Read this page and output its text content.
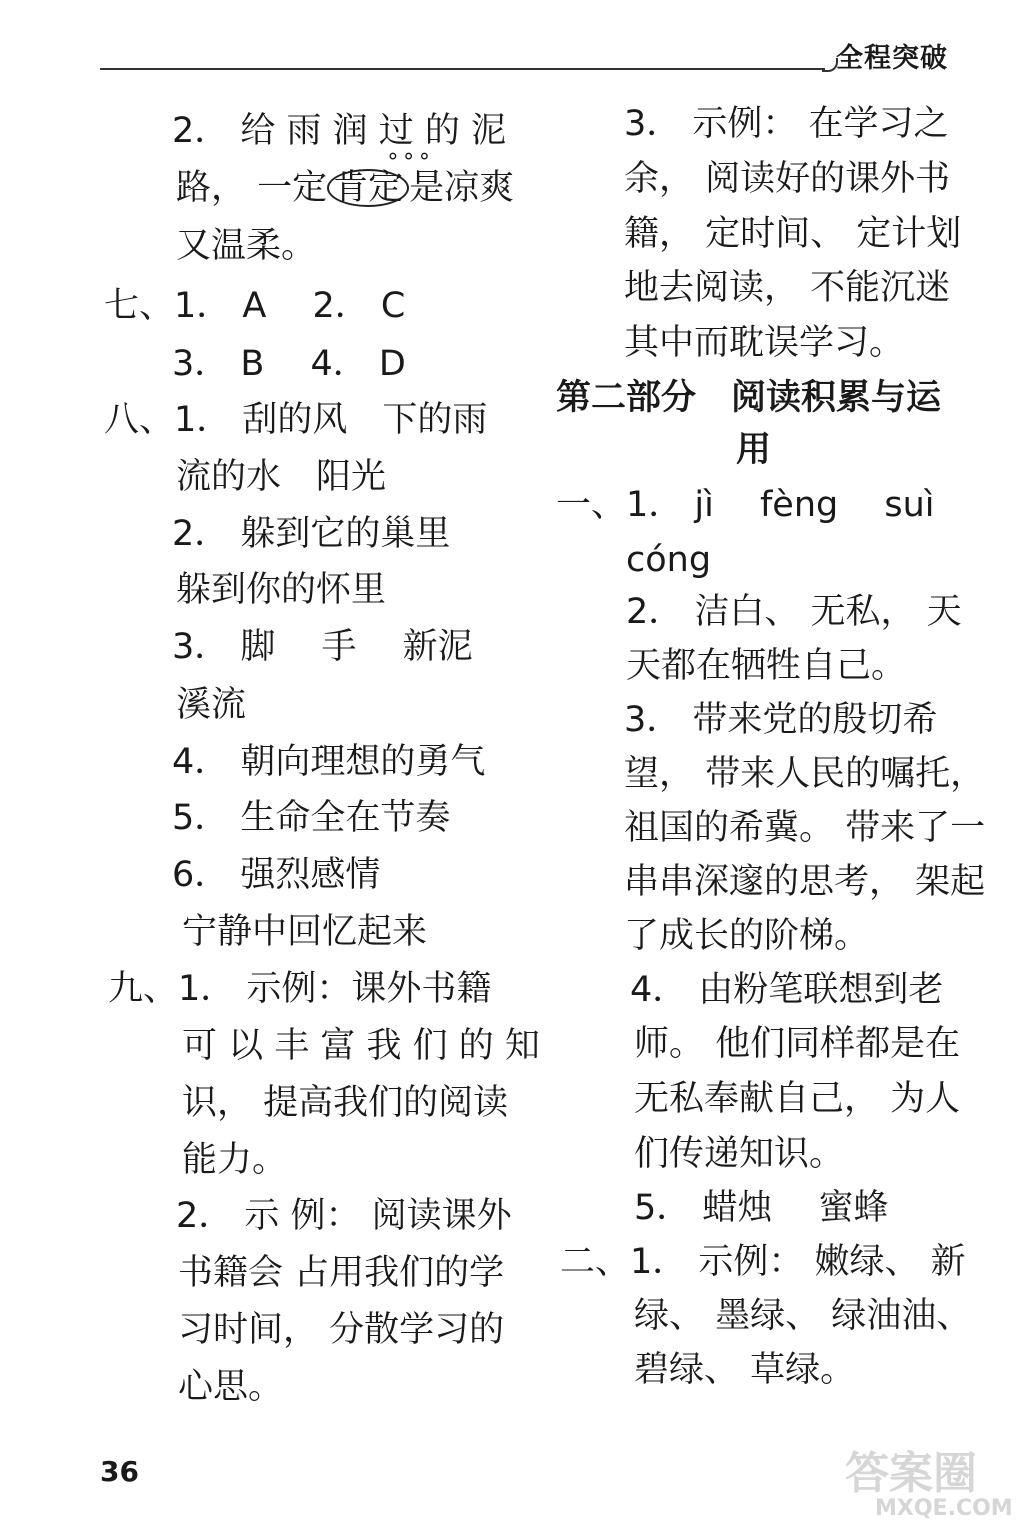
全程突破
2． 给 雨 润 过 的 泥
路， 一定 肯定 是凉爽
∘∘∘
又温柔。
七、1． A　 2． C
3． B　 4． D
八、1． 刮的风　下的雨
流的水　阳光
2． 躲到它的巢里
躲到你的怀里
3． 脚　 手　 新泥
溪流
4． 朝向理想的勇气
5． 生命全在节奏
6． 强烈感情
宁静中回忆起来
九、1． 示例：课外书籍
可 以 丰 富 我 们 的 知
识， 提高我们的阅读
能力。
2． 示 例： 阅读课外
书籍会 占用我们的学
习时间， 分散学习的
心思。
3． 示例： 在学习之
余， 阅读好的课外书
籍， 定时间、 定计划
地去阅读， 不能沉迷
其中而耽误学习。
第二部分　阅读积累与运
用
一、1． jì　 fèng　 suì
cóng
2． 洁白、 无私， 天
天都在牺牲自己。
3． 带来党的殷切希
望， 带来人民的嘱托，
祖国的希冀。 带来了一
串串深邃的思考， 架起
了成长的阶梯。
4． 由粉笔联想到老
师。 他们同样都是在
无私奉献自己， 为人
们传递知识。
5． 蜡烛　 蜜蜂
二、1． 示例： 嫩绿、 新
绿、 墨绿、 绿油油、
碧绿、 草绿。
36	答案圈
MXQE.COM
